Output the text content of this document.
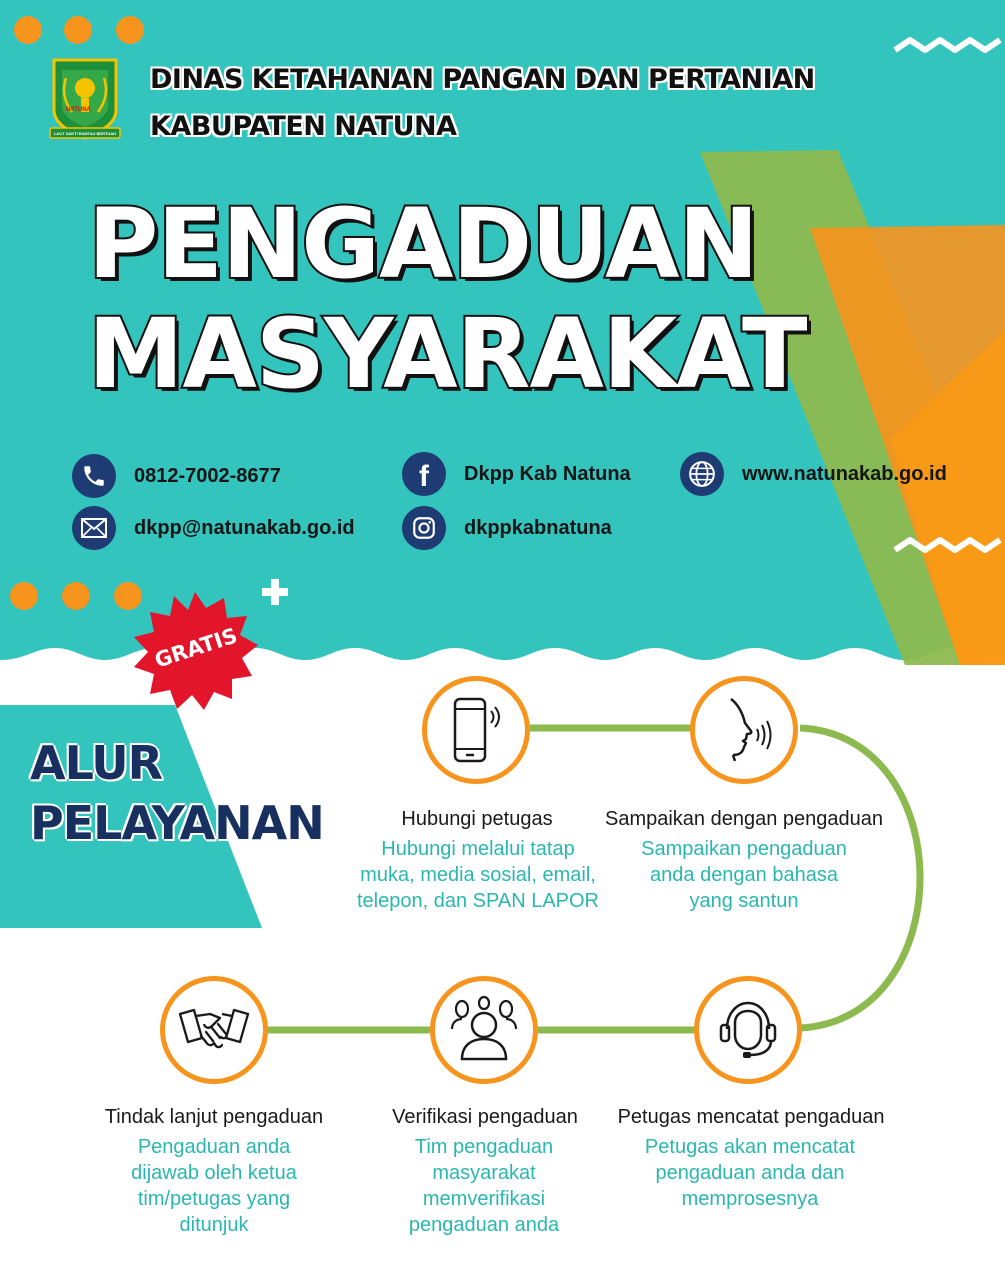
NATUNA
LAUT SAKTI RANTAU BERTUAH
DINAS KETAHANAN PANGAN DAN PERTANIAN
KABUPATEN NATUNA
PENGADUAN
MASYARAKAT
0812-7002-8677	f Dkpp Kab Natuna	www.natunakab.go.id
dkpp@natunakab.go.id	dkppkabnatuna
GRATIS
ALUR
PELAYANAN	Hubungi petugas
Hubungi melalui tatap muka, media sosial, email, telepon, dan SPAN LAPOR
Sampaikan dengan pengaduan
Sampaikan pengaduan anda dengan bahasa yang santun
Petugas mencatat pengaduan
Petugas akan mencatat pengaduan anda dan memprosesnya
Verifikasi pengaduan
Tim pengaduan masyarakat memverifikasi pengaduan anda
Tindak lanjut pengaduan
Pengaduan anda dijawab oleh ketua tim/petugas yang ditunjuk
